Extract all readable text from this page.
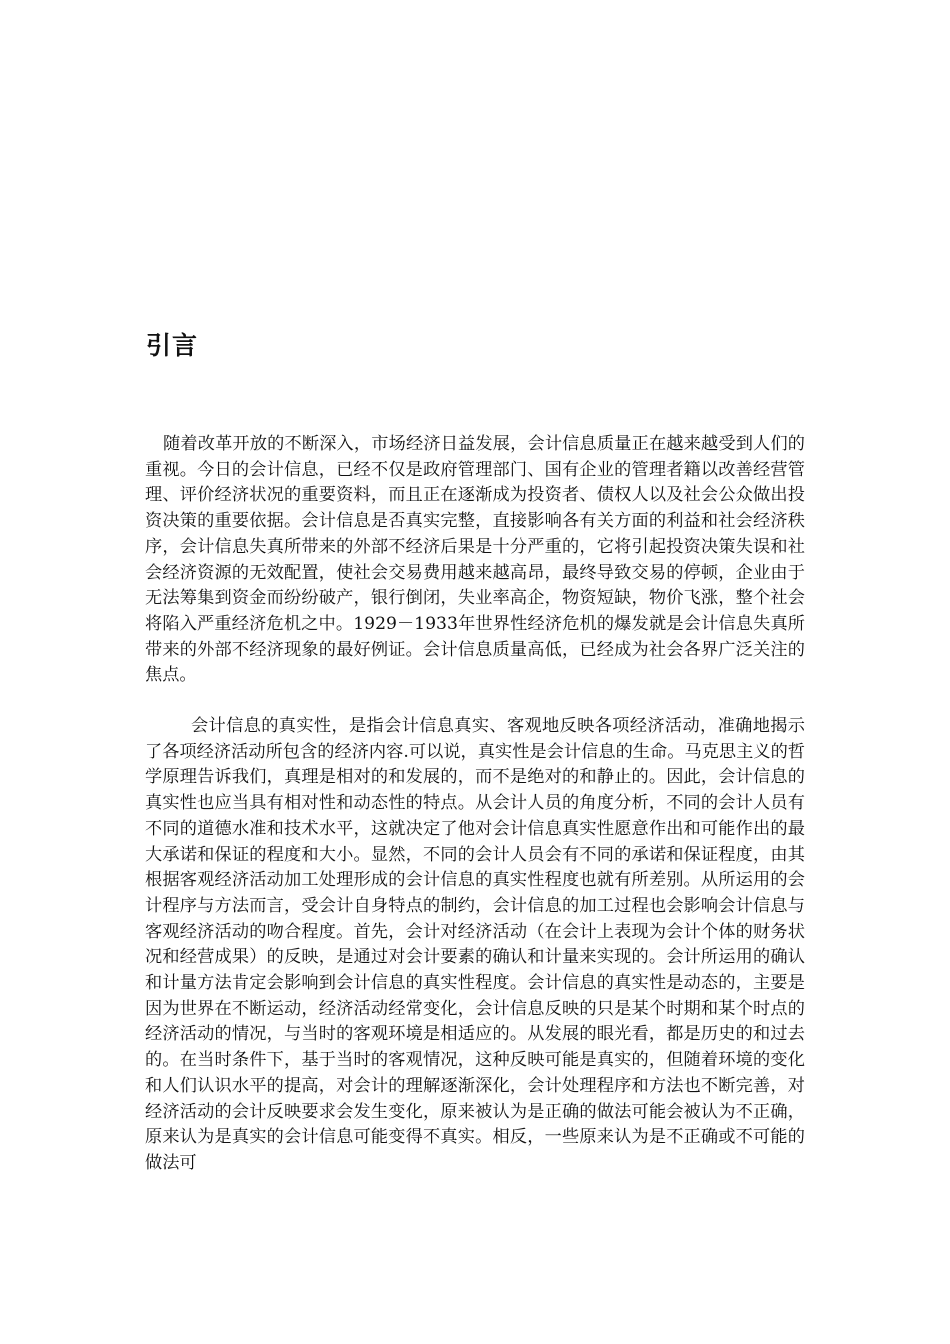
引言

随着改革开放的不断深入，市场经济日益发展，会计信息质量正在越来越受到人们的重视。今日的会计信息，已经不仅是政府管理部门、国有企业的管理者籍以改善经营管理、评价经济状况的重要资料，而且正在逐渐成为投资者、债权人以及社会公众做出投资决策的重要依据。会计信息是否真实完整，直接影响各有关方面的利益和社会经济秩序，会计信息失真所带来的外部不经济后果是十分严重的，它将引起投资决策失误和社会经济资源的无效配置，使社会交易费用越来越高昂，最终导致交易的停顿，企业由于无法筹集到资金而纷纷破产，银行倒闭，失业率高企，物资短缺，物价飞涨，整个社会将陷入严重经济危机之中。1929－1933年世界性经济危机的爆发就是会计信息失真所带来的外部不经济现象的最好例证。会计信息质量高低，已经成为社会各界广泛关注的焦点。

会计信息的真实性，是指会计信息真实、客观地反映各项经济活动，准确地揭示了各项经济活动所包含的经济内容.可以说，真实性是会计信息的生命。马克思主义的哲学原理告诉我们，真理是相对的和发展的，而不是绝对的和静止的。因此，会计信息的真实性也应当具有相对性和动态性的特点。从会计人员的角度分析，不同的会计人员有不同的道德水准和技术水平，这就决定了他对会计信息真实性愿意作出和可能作出的最大承诺和保证的程度和大小。显然，不同的会计人员会有不同的承诺和保证程度，由其根据客观经济活动加工处理形成的会计信息的真实性程度也就有所差别。从所运用的会计程序与方法而言，受会计自身特点的制约，会计信息的加工过程也会影响会计信息与客观经济活动的吻合程度。首先，会计对经济活动（在会计上表现为会计个体的财务状况和经营成果）的反映，是通过对会计要素的确认和计量来实现的。会计所运用的确认和计量方法肯定会影响到会计信息的真实性程度。会计信息的真实性是动态的，主要是因为世界在不断运动，经济活动经常变化，会计信息反映的只是某个时期和某个时点的经济活动的情况，与当时的客观环境是相适应的。从发展的眼光看，都是历史的和过去的。在当时条件下，基于当时的客观情况，这种反映可能是真实的，但随着环境的变化和人们认识水平的提高，对会计的理解逐渐深化，会计处理程序和方法也不断完善，对经济活动的会计反映要求会发生变化，原来被认为是正确的做法可能会被认为不正确，原来认为是真实的会计信息可能变得不真实。相反，一些原来认为是不正确或不可能的做法可
